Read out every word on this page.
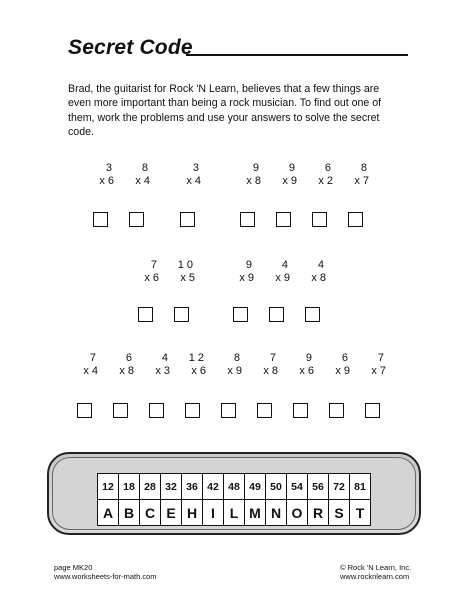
Secret Code
Brad, the guitarist for Rock 'N Learn, believes that a few things are even more important than being a rock musician. To find out one of them, work the problems and use your answers to solve the secret code.
3
x 6
8
x 4
3
x 4
9
x 8
9
x 9
6
x 2
8
x 7
7
x 6
1 0
x 5
9
x 9
4
x 9
4
x 8
7
x 4
6
x 8
4
x 3
1 2
x 6
8
x 9
7
x 8
9
x 6
6
x 9
7
x 7
12	18	28	32	36	42	48	49	50	54	56	72	81
A	B	C	E	H	I	L	M	N	O	R	S	T
page MK20
www.worksheets-for-math.com
© Rock 'N Learn, Inc.
www.rocknlearn.com
